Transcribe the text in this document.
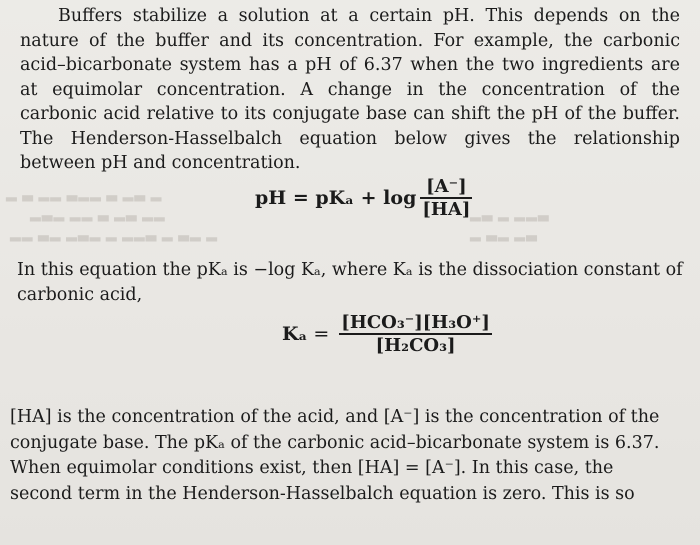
▂ ▃ ▂▂ ▃▂▂ ▃ ▂▃ ▂
▂▃▂ ▂▂ ▃ ▂▃ ▂▂
▂▂ ▃▂ ▂▃▂ ▂ ▂▂▃ ▂ ▃▂ ▂
▂▃ ▂ ▂▂▃
▂ ▃▂ ▂▃
Buffers stabilize a solution at a certain pH. This depends on the nature of the buffer and its concentration. For example, the carbonic acid–bicarbonate system has a pH of 6.37 when the two ingredients are at equimolar concentration. A change in the concentration of the carbonic acid relative to its conjugate base can shift the pH of the buffer. The Henderson-Hasselbalch equation below gives the relationship between pH and concentration.
pH = $pK_a + \log \frac{[A^-]}{[HA]}$
In this equation the pKₐ is −log Kₐ, where Kₐ is the dissociation constant of carbonic acid,
$K_a = \frac{\text{[HCO₃⁻][H₃O⁺]}}{\text{[H₂CO₃]}}$
[HA] is the concentration of the acid, and [A⁻] is the concentration of the
conjugate base. The pKₐ of the carbonic acid–bicarbonate system is 6.37.
When equimolar conditions exist, then [HA] = [A⁻]. In this case, the
second term in the Henderson-Hasselbalch equation is zero. This is so
